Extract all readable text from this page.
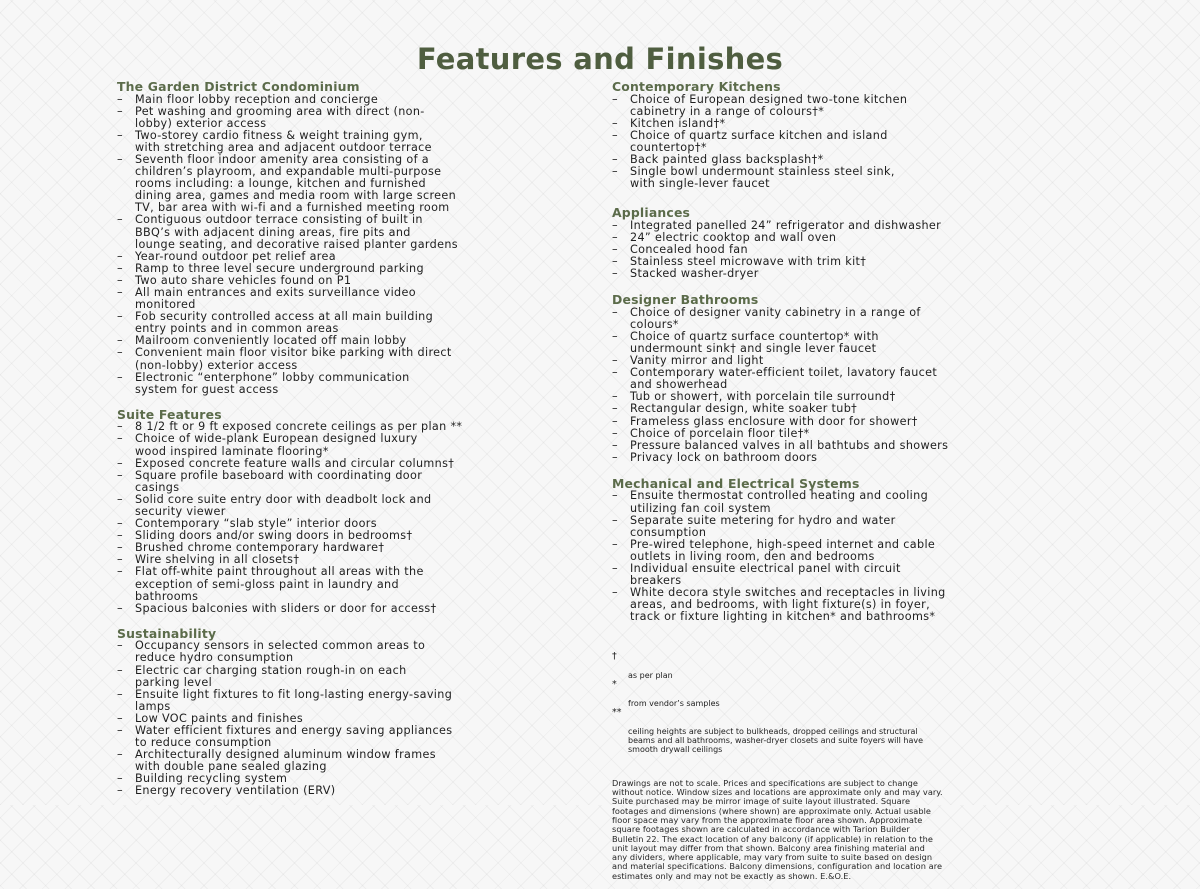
Features and Finishes
The Garden District Condominium
– Main floor lobby reception and concierge
– Pet washing and grooming area with direct (non-
lobby) exterior access
– Two-storey cardio fitness & weight training gym,
with stretching area and adjacent outdoor terrace
– Seventh floor indoor amenity area consisting of a
children’s playroom, and expandable multi-purpose
rooms including: a lounge, kitchen and furnished
dining area, games and media room with large screen
TV, bar area with wi-fi and a furnished meeting room
– Contiguous outdoor terrace consisting of built in
BBQ’s with adjacent dining areas, fire pits and
lounge seating, and decorative raised planter gardens
– Year-round outdoor pet relief area
– Ramp to three level secure underground parking
– Two auto share vehicles found on P1
– All main entrances and exits surveillance video
monitored
– Fob security controlled access at all main building
entry points and in common areas
– Mailroom conveniently located off main lobby
– Convenient main floor visitor bike parking with direct
(non-lobby) exterior access
– Electronic “enterphone” lobby communication
system for guest access
Suite Features
– 8 1/2 ft or 9 ft exposed concrete ceilings as per plan **
– Choice of wide-plank European designed luxury
wood inspired laminate flooring*
– Exposed concrete feature walls and circular columns†
– Square profile baseboard with coordinating door
casings
– Solid core suite entry door with deadbolt lock and
security viewer
– Contemporary “slab style” interior doors
– Sliding doors and/or swing doors in bedrooms†
– Brushed chrome contemporary hardware†
– Wire shelving in all closets†
– Flat off-white paint throughout all areas with the
exception of semi-gloss paint in laundry and
bathrooms
– Spacious balconies with sliders or door for access†
Sustainability
– Occupancy sensors in selected common areas to
reduce hydro consumption
– Electric car charging station rough-in on each
parking level
– Ensuite light fixtures to fit long-lasting energy-saving
lamps
– Low VOC paints and finishes
– Water efficient fixtures and energy saving appliances
to reduce consumption
– Architecturally designed aluminum window frames
with double pane sealed glazing
– Building recycling system
– Energy recovery ventilation (ERV)
Contemporary Kitchens
– Choice of European designed two-tone kitchen
cabinetry in a range of colours†*
– Kitchen island†*
– Choice of quartz surface kitchen and island
countertop†*
– Back painted glass backsplash†*
– Single bowl undermount stainless steel sink,
with single-lever faucet
Appliances
– Integrated panelled 24” refrigerator and dishwasher
– 24” electric cooktop and wall oven
– Concealed hood fan
– Stainless steel microwave with trim kit†
– Stacked washer-dryer
Designer Bathrooms
– Choice of designer vanity cabinetry in a range of
colours*
– Choice of quartz surface countertop* with
undermount sink† and single lever faucet
– Vanity mirror and light
– Contemporary water-efficient toilet, lavatory faucet
and showerhead
– Tub or shower†, with porcelain tile surround†
– Rectangular design, white soaker tub†
– Frameless glass enclosure with door for shower†
– Choice of porcelain floor tile†*
– Pressure balanced valves in all bathtubs and showers
– Privacy lock on bathroom doors
Mechanical and Electrical Systems
– Ensuite thermostat controlled heating and cooling
utilizing fan coil system
– Separate suite metering for hydro and water
consumption
– Pre-wired telephone, high-speed internet and cable
outlets in living room, den and bedrooms
– Individual ensuite electrical panel with circuit
breakers
– White decora style switches and receptacles in living
areas, and bedrooms, with light fixture(s) in foyer,
track or fixture lighting in kitchen* and bathrooms*

†

as per plan

*

from vendor’s samples

**

ceiling heights are subject to bulkheads, dropped ceilings and structural
beams and all bathrooms, washer-dryer closets and suite foyers will have
smooth drywall ceilings

Drawings are not to scale. Prices and specifications are subject to change
without notice. Window sizes and locations are approximate only and may vary.
Suite purchased may be mirror image of suite layout illustrated. Square
footages and dimensions (where shown) are approximate only. Actual usable
floor space may vary from the approximate floor area shown. Approximate
square footages shown are calculated in accordance with Tarion Builder
Bulletin 22. The exact location of any balcony (if applicable) in relation to the
unit layout may differ from that shown. Balcony area finishing material and
any dividers, where applicable, may vary from suite to suite based on design
and material specifications. Balcony dimensions, configuration and location are
estimates only and may not be exactly as shown. E.&O.E.
